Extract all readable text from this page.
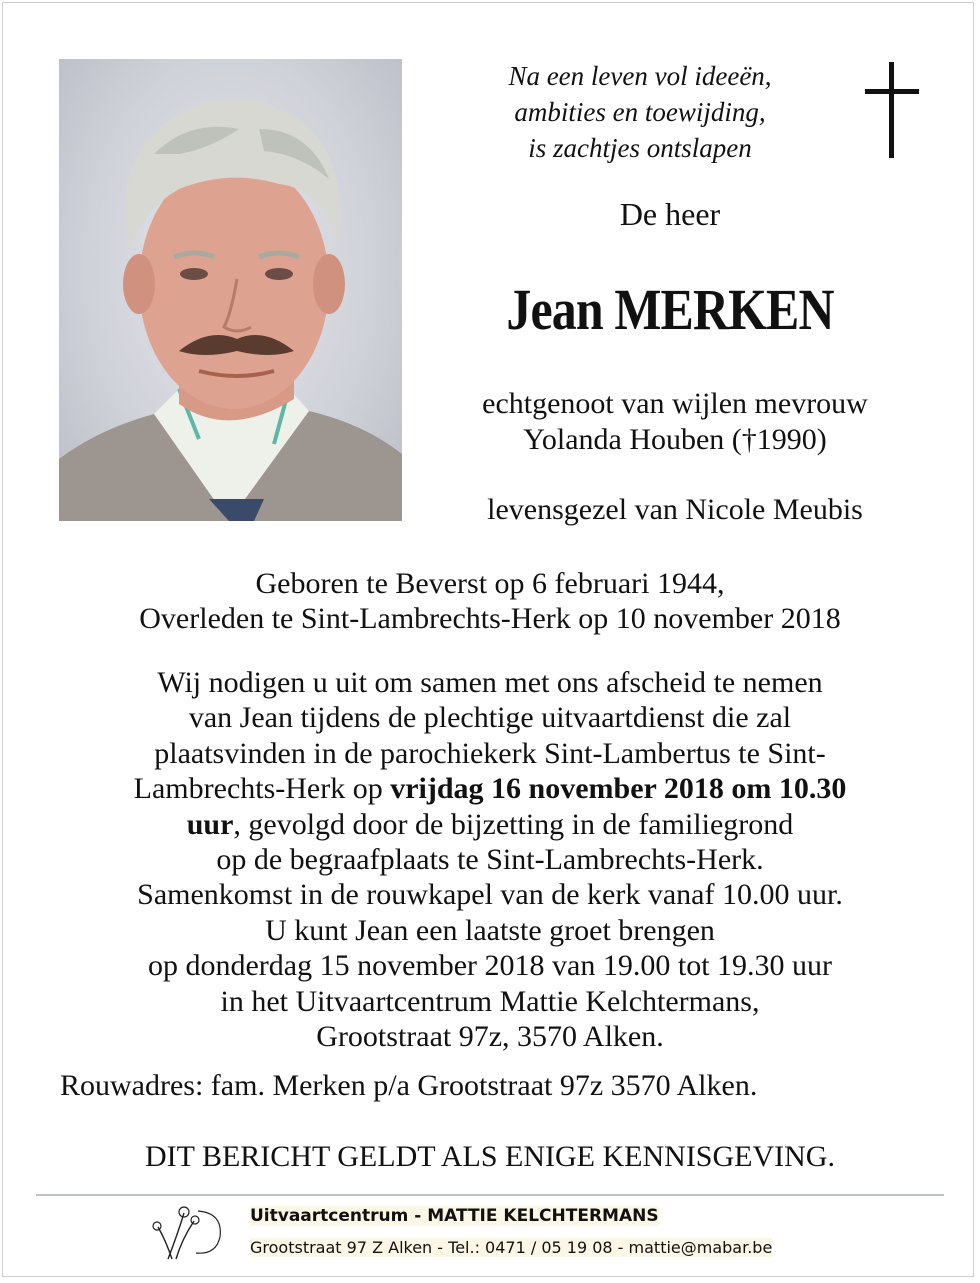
Na een leven vol ideeën,
ambities en toewijding,
is zachtjes ontslapen
De heer
Jean MERKEN
echtgenoot van wijlen mevrouw
Yolanda Houben (†1990)
levensgezel van Nicole Meubis
Geboren te Beverst op 6 februari 1944,
Overleden te Sint-Lambrechts-Herk op 10 november 2018
Wij nodigen u uit om samen met ons afscheid te nemen
van Jean tijdens de plechtige uitvaartdienst die zal
plaatsvinden in de parochiekerk Sint-Lambertus te Sint-
Lambrechts-Herk op vrijdag 16 november 2018 om 10.30
uur, gevolgd door de bijzetting in de familiegrond
op de begraafplaats te Sint-Lambrechts-Herk.
Samenkomst in de rouwkapel van de kerk vanaf 10.00 uur.
U kunt Jean een laatste groet brengen
op donderdag 15 november 2018 van 19.00 tot 19.30 uur
in het Uitvaartcentrum Mattie Kelchtermans,
Grootstraat 97z, 3570 Alken.
Rouwadres: fam. Merken p/a Grootstraat 97z 3570 Alken.
DIT BERICHT GELDT ALS ENIGE KENNISGEVING.
Uitvaartcentrum - MATTIE KELCHTERMANS
Grootstraat 97 Z Alken - Tel.: 0471 / 05 19 08 - mattie@mabar.be
